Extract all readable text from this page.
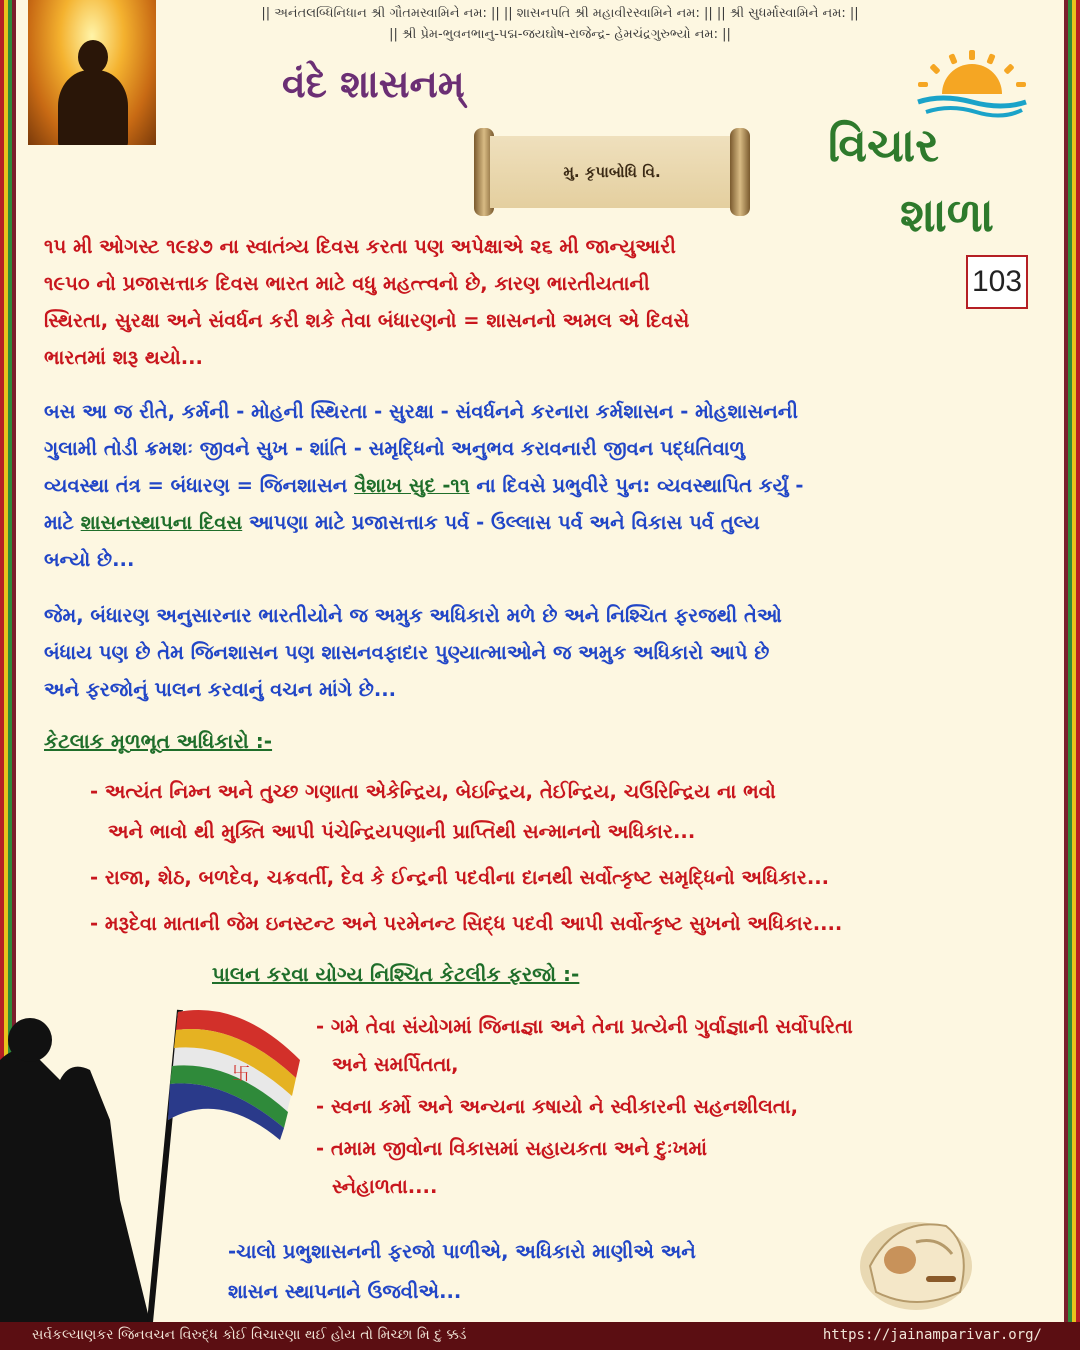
|| અનંતલબ્ધિનિધાન શ્રી ગૌતમસ્વામિને નમ: || || શાસનપતિ શ્રી મહાવીરસ્વામિને નમ: || || શ્રી સુધર્માસ્વામિને નમ: ||
|| શ્રી પ્રેમ-ભુવનભાનુ-પદ્મ-જયઘોષ-રાજેન્દ્ર- હેમચંદ્રગુરુભ્યો નમ: ||
વંદે શાસનમ્
મુ. કૃપાબોધિ વિ.	વિચાર
શાળા
103
૧૫ મી ઓગસ્ટ ૧૯૪૭ ના સ્વાતંત્ર્ય દિવસ કરતા પણ અપેક્ષાએ ૨૬ મી જાન્યુઆરી
૧૯૫૦ નો પ્રજાસત્તાક દિવસ ભારત માટે વધુ મહત્ત્વનો છે, કારણ ભારતીયતાની
સ્થિરતા, સુરક્ષા અને સંવર્ધન કરી શકે તેવા બંધારણનો = શાસનનો અમલ એ દિવસે
ભારતમાં શરૂ થયો...
બસ આ જ રીતે, કર્મની - મોહની સ્થિરતા - સુરક્ષા - સંવર્ધનને કરનારા કર્મશાસન - મોહશાસનની
ગુલામી તોડી ક્રમશઃ જીવને સુખ - શાંતિ - સમૃદ્ધિનો અનુભવ કરાવનારી જીવન પદ્ધતિવાળુ
વ્યવસ્થા તંત્ર = બંધારણ = જિનશાસન વૈશાખ સુદ -૧૧ ના દિવસે પ્રભુવીરે પુન: વ્યવસ્થાપિત કર્યું -
માટે શાસનસ્થાપના દિવસ આપણા માટે પ્રજાસત્તાક પર્વ - ઉલ્લાસ પર્વ અને વિકાસ પર્વ તુલ્ય
બન્યો છે...
જેમ, બંધારણ અનુસારનાર ભારતીયોને જ અમુક અધિકારો મળે છે અને નિશ્ચિત ફરજથી તેઓ
બંધાય પણ છે તેમ જિનશાસન પણ શાસનવફાદાર પુણ્યાત્માઓને જ અમુક અધિકારો આપે છે
અને ફરજોનું પાલન કરવાનું વચન માંગે છે...
કેટલાક મૂળભૂત અધિકારો :-
- અત્યંત નિમ્ન અને તુચ્છ ગણાતા એકેન્દ્રિય, બેઇન્દ્રિય, તેઈન્દ્રિય, ચઉરિન્દ્રિય ના ભવો
અને ભાવો થી મુક્તિ આપી પંચેન્દ્રિયપણાની પ્રાપ્તિથી સન્માનનો અધિકાર...
- રાજા, શેઠ, બળદેવ, ચક્રવર્તી, દેવ કે ઈન્દ્રની પદવીના દાનથી સર્વોત્કૃષ્ટ સમૃદ્ધિનો અધિકાર...
- મરૂદેવા માતાની જેમ ઇનસ્ટન્ટ અને પરમેનન્ટ સિદ્ધ પદવી આપી સર્વોત્કૃષ્ટ સુખનો અધિકાર....
પાલન કરવા યોગ્ય નિશ્ચિત કેટલીક ફરજો :-
- ગમે તેવા સંયોગમાં જિનાજ્ઞા અને તેના પ્રત્યેની ગુર્વાજ્ઞાની સર્વોપરિતા
અને સમર્પિતતા,
- સ્વના કર્મો અને અન્યના કષાયો ને સ્વીકારની સહનશીલતા,
- તમામ જીવોના વિકાસમાં સહાયકતા અને દુઃખમાં
સ્નેહાળતા....
-ચાલો પ્રભુશાસનની ફરજો પાળીએ, અધિકારો માણીએ અને
શાસન સ્થાપનાને ઉજવીએ...
卐
સર્વકલ્યાણકર જિનવચન વિરુદ્ધ કોઈ વિચારણા થઈ હોય તો મિચ્છા મિ દુ ક્કડં	https://jainamparivar.org/
